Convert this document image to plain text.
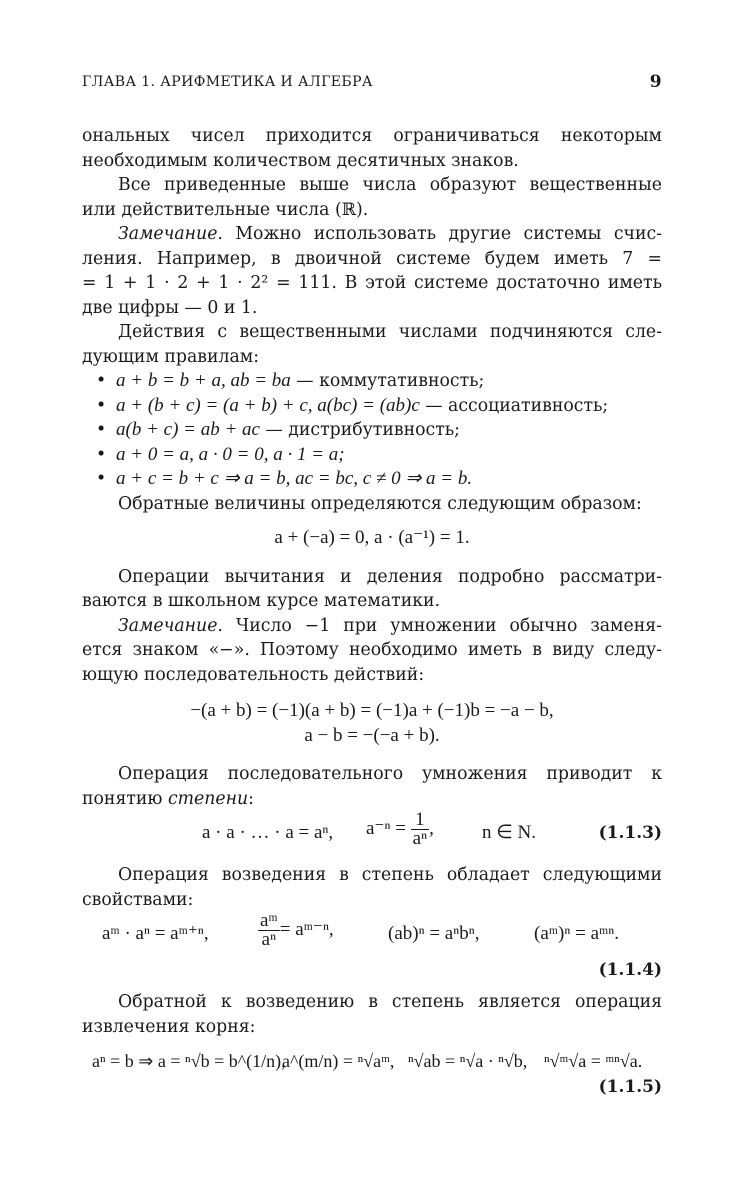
ГЛАВА 1. АРИФМЕТИКА И АЛГЕБРА	9
ональных чисел приходится ограничиваться некоторым
необходимым количеством десятичных знаков.
Все приведенные выше числа образуют вещественные
или действительные числа (ℝ).
Замечание. Можно использовать другие системы счис-
ления. Например, в двоичной системе будем иметь 7 =
= 1 + 1 · 2 + 1 · 2² = 111. В этой системе достаточно иметь
две цифры — 0 и 1.
Действия с вещественными числами подчиняются сле-
дующим правилам:
• a + b = b + a, ab = ba — коммутативность;
• a + (b + c) = (a + b) + c, a(bc) = (ab)c — ассоциативность;
• a(b + c) = ab + ac — дистрибутивность;
• a + 0 = a, a · 0 = 0, a · 1 = a;
• a + c = b + c ⇒ a = b, ac = bc, c ≠ 0 ⇒ a = b.
Обратные величины определяются следующим образом:
a + (−a) = 0, a · (a⁻¹) = 1.
Операции вычитания и деления подробно рассматри-
ваются в школьном курсе математики.
Замечание. Число −1 при умножении обычно заменя-
ется знаком «−». Поэтому необходимо иметь в виду следу-
ющую последовательность действий:
−(a + b) = (−1)(a + b) = (−1)a + (−1)b = −a − b,
a − b = −(−a + b).
Операция последовательного умножения приводит к
понятию степени:
a · a · … · a = aⁿ, $a^{-n} = \frac{1}{\text{aⁿ}}$ ,	n ∈ N.	(1.1.3)
Операция возведения в степень обладает следующими
свойствами:
aᵐ · aⁿ = aᵐ⁺ⁿ,	$\frac{\text{aᵐ}}{\text{aⁿ}}$ = aᵐ⁻ⁿ,	(ab)ⁿ = aⁿbⁿ,	(aᵐ)ⁿ = aᵐⁿ.
(1.1.4)
Обратной к возведению в степень является операция
извлечения корня:
aⁿ = b ⇒ a = ⁿ√b = b^(1/n),
a^(m/n) = ⁿ√aᵐ, ⁿ√ab = ⁿ√a · ⁿ√b, ⁿ√ᵐ√a = ᵐⁿ√a.
(1.1.5)
